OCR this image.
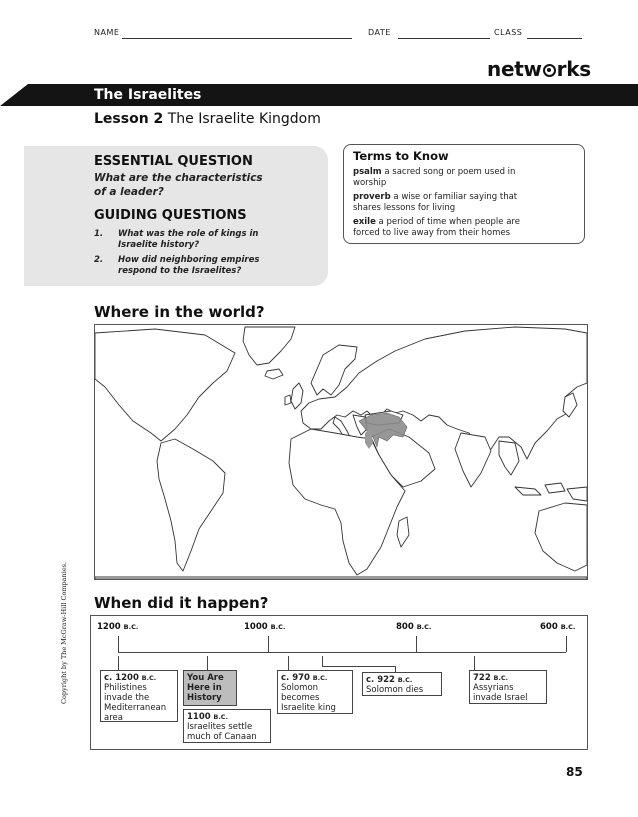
NAME	DATE	CLASS
netw rks
The Israelites
Lesson 2 The Israelite Kingdom
ESSENTIAL QUESTION
What are the characteristics
of a leader?
GUIDING QUESTIONS
1. What was the role of kings in
Israelite history?
2. How did neighboring empires
respond to the Israelites?
Terms to Know
psalm a sacred song or poem used in
worship
proverb a wise or familiar saying that
shares lessons for living
exile a period of time when people are
forced to live away from their homes
Where in the world?
Copyright by The McGraw-Hill Companies. When did it happen?
1200 B.C.	1000 B.C.	800 B.C.	600 B.C.
c. 1200 B.C.
Philistines
invade the
Mediterranean
area
You Are
Here in
History
1100 B.C.
Israelites settle
much of Canaan
c. 970 B.C.
Solomon
becomes
Israelite king
c. 922 B.C.
Solomon dies
722 B.C.
Assyrians
invade Israel
85
